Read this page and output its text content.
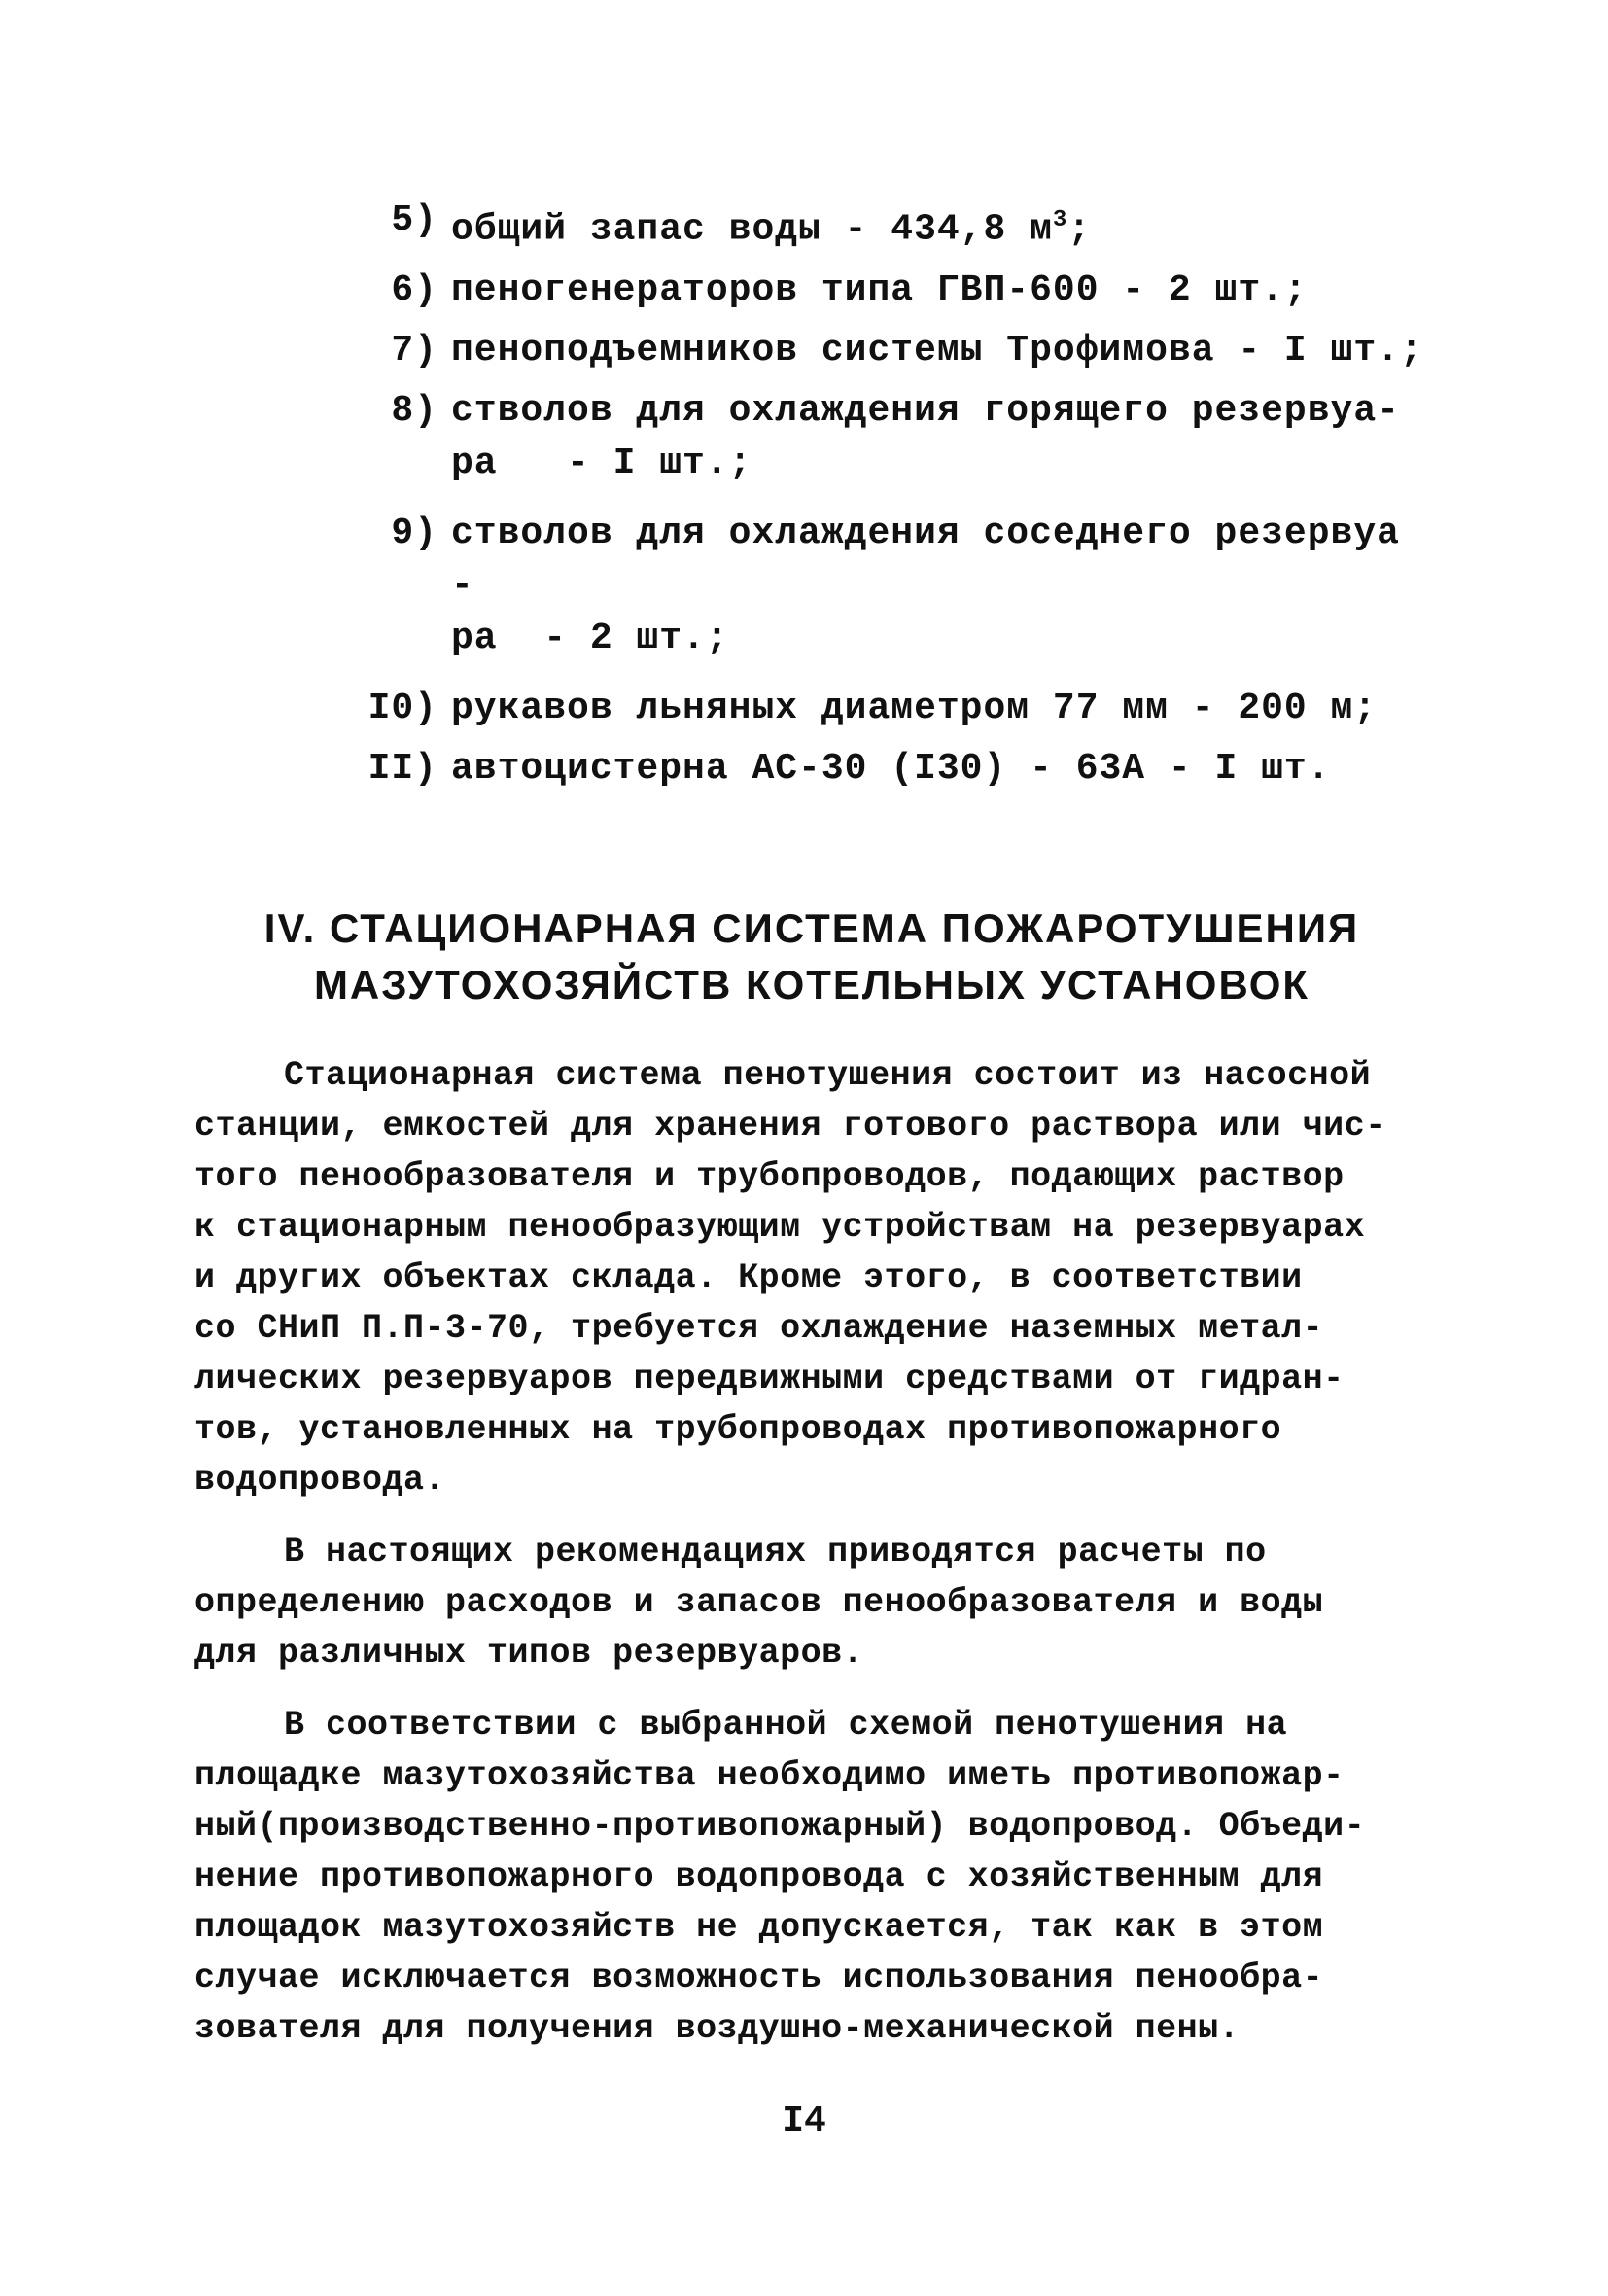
5) общий запас воды - 434,8 $м^3$;
6) пеногенераторов типа ГВП-600 - 2 шт.;
7) пеноподъемников системы Трофимова - I шт.;
8) стволов для охлаждения горящего резервуа-
ра   - I шт.;
9) стволов для охлаждения соседнего резервуа -
ра  - 2 шт.;
I0) рукавов льняных диаметром 77 мм - 200 м;
II) автоцистерна АС-30 (I30) - 63А - I шт.
IV. СТАЦИОНАРНАЯ СИСТЕМА ПОЖАРОТУШЕНИЯ
МАЗУТОХОЗЯЙСТВ КОТЕЛЬНЫХ УСТАНОВОК
Стационарная система пенотушения состоит из насосной
станции, емкостей для хранения готового раствора или чис-
того пенообразователя и трубопроводов, подающих раствор
к стационарным пенообразующим устройствам на резервуарах
и других объектах склада. Кроме этого, в соответствии
со СНиП П.П-3-70, требуется охлаждение наземных метал-
лических резервуаров передвижными средствами от гидран-
тов, установленных на трубопроводах противопожарного
водопровода.
В настоящих рекомендациях приводятся расчеты по
определению расходов и запасов пенообразователя и воды
для различных типов резервуаров.
В соответствии с выбранной схемой пенотушения на
площадке мазутохозяйства необходимо иметь противопожар-
ный(производственно-противопожарный) водопровод. Объеди-
нение противопожарного водопровода с хозяйственным для
площадок мазутохозяйств не допускается, так как в этом
случае исключается возможность использования пенообра-
зователя для получения воздушно-механической пены.
I4
